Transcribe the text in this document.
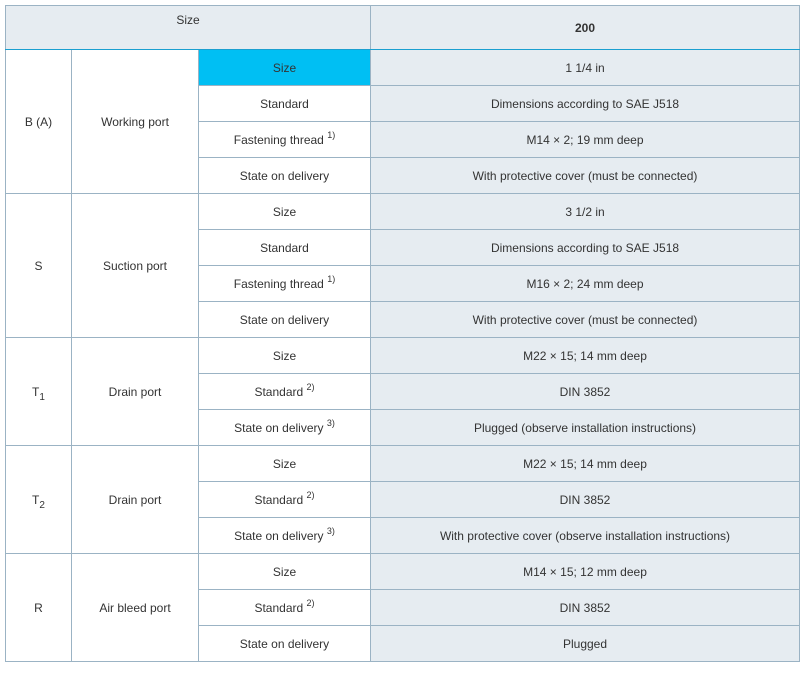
Size			200
B (A)	Working port	Size	1 1/4 in
		Standard	Dimensions according to SAE J518
		Fastening thread $^{1)}$	M14 × 2; 19 mm deep
		State on delivery	With protective cover (must be connected)
S	Suction port	Size	3 1/2 in
		Standard	Dimensions according to SAE J518
		Fastening thread $^{1)}$	M16 × 2; 24 mm deep
		State on delivery	With protective cover (must be connected)
$T_1$	Drain port	Size	M22 × 15; 14 mm deep
		Standard $^{2)}$	DIN 3852
		State on delivery $^{3)}$	Plugged (observe installation instructions)
$T_2$	Drain port	Size	M22 × 15; 14 mm deep
		Standard $^{2)}$	DIN 3852
		State on delivery $^{3)}$	With protective cover (observe installation instructions)
R	Air bleed port	Size	M14 × 15; 12 mm deep
		Standard $^{2)}$	DIN 3852
		State on delivery	Plugged
